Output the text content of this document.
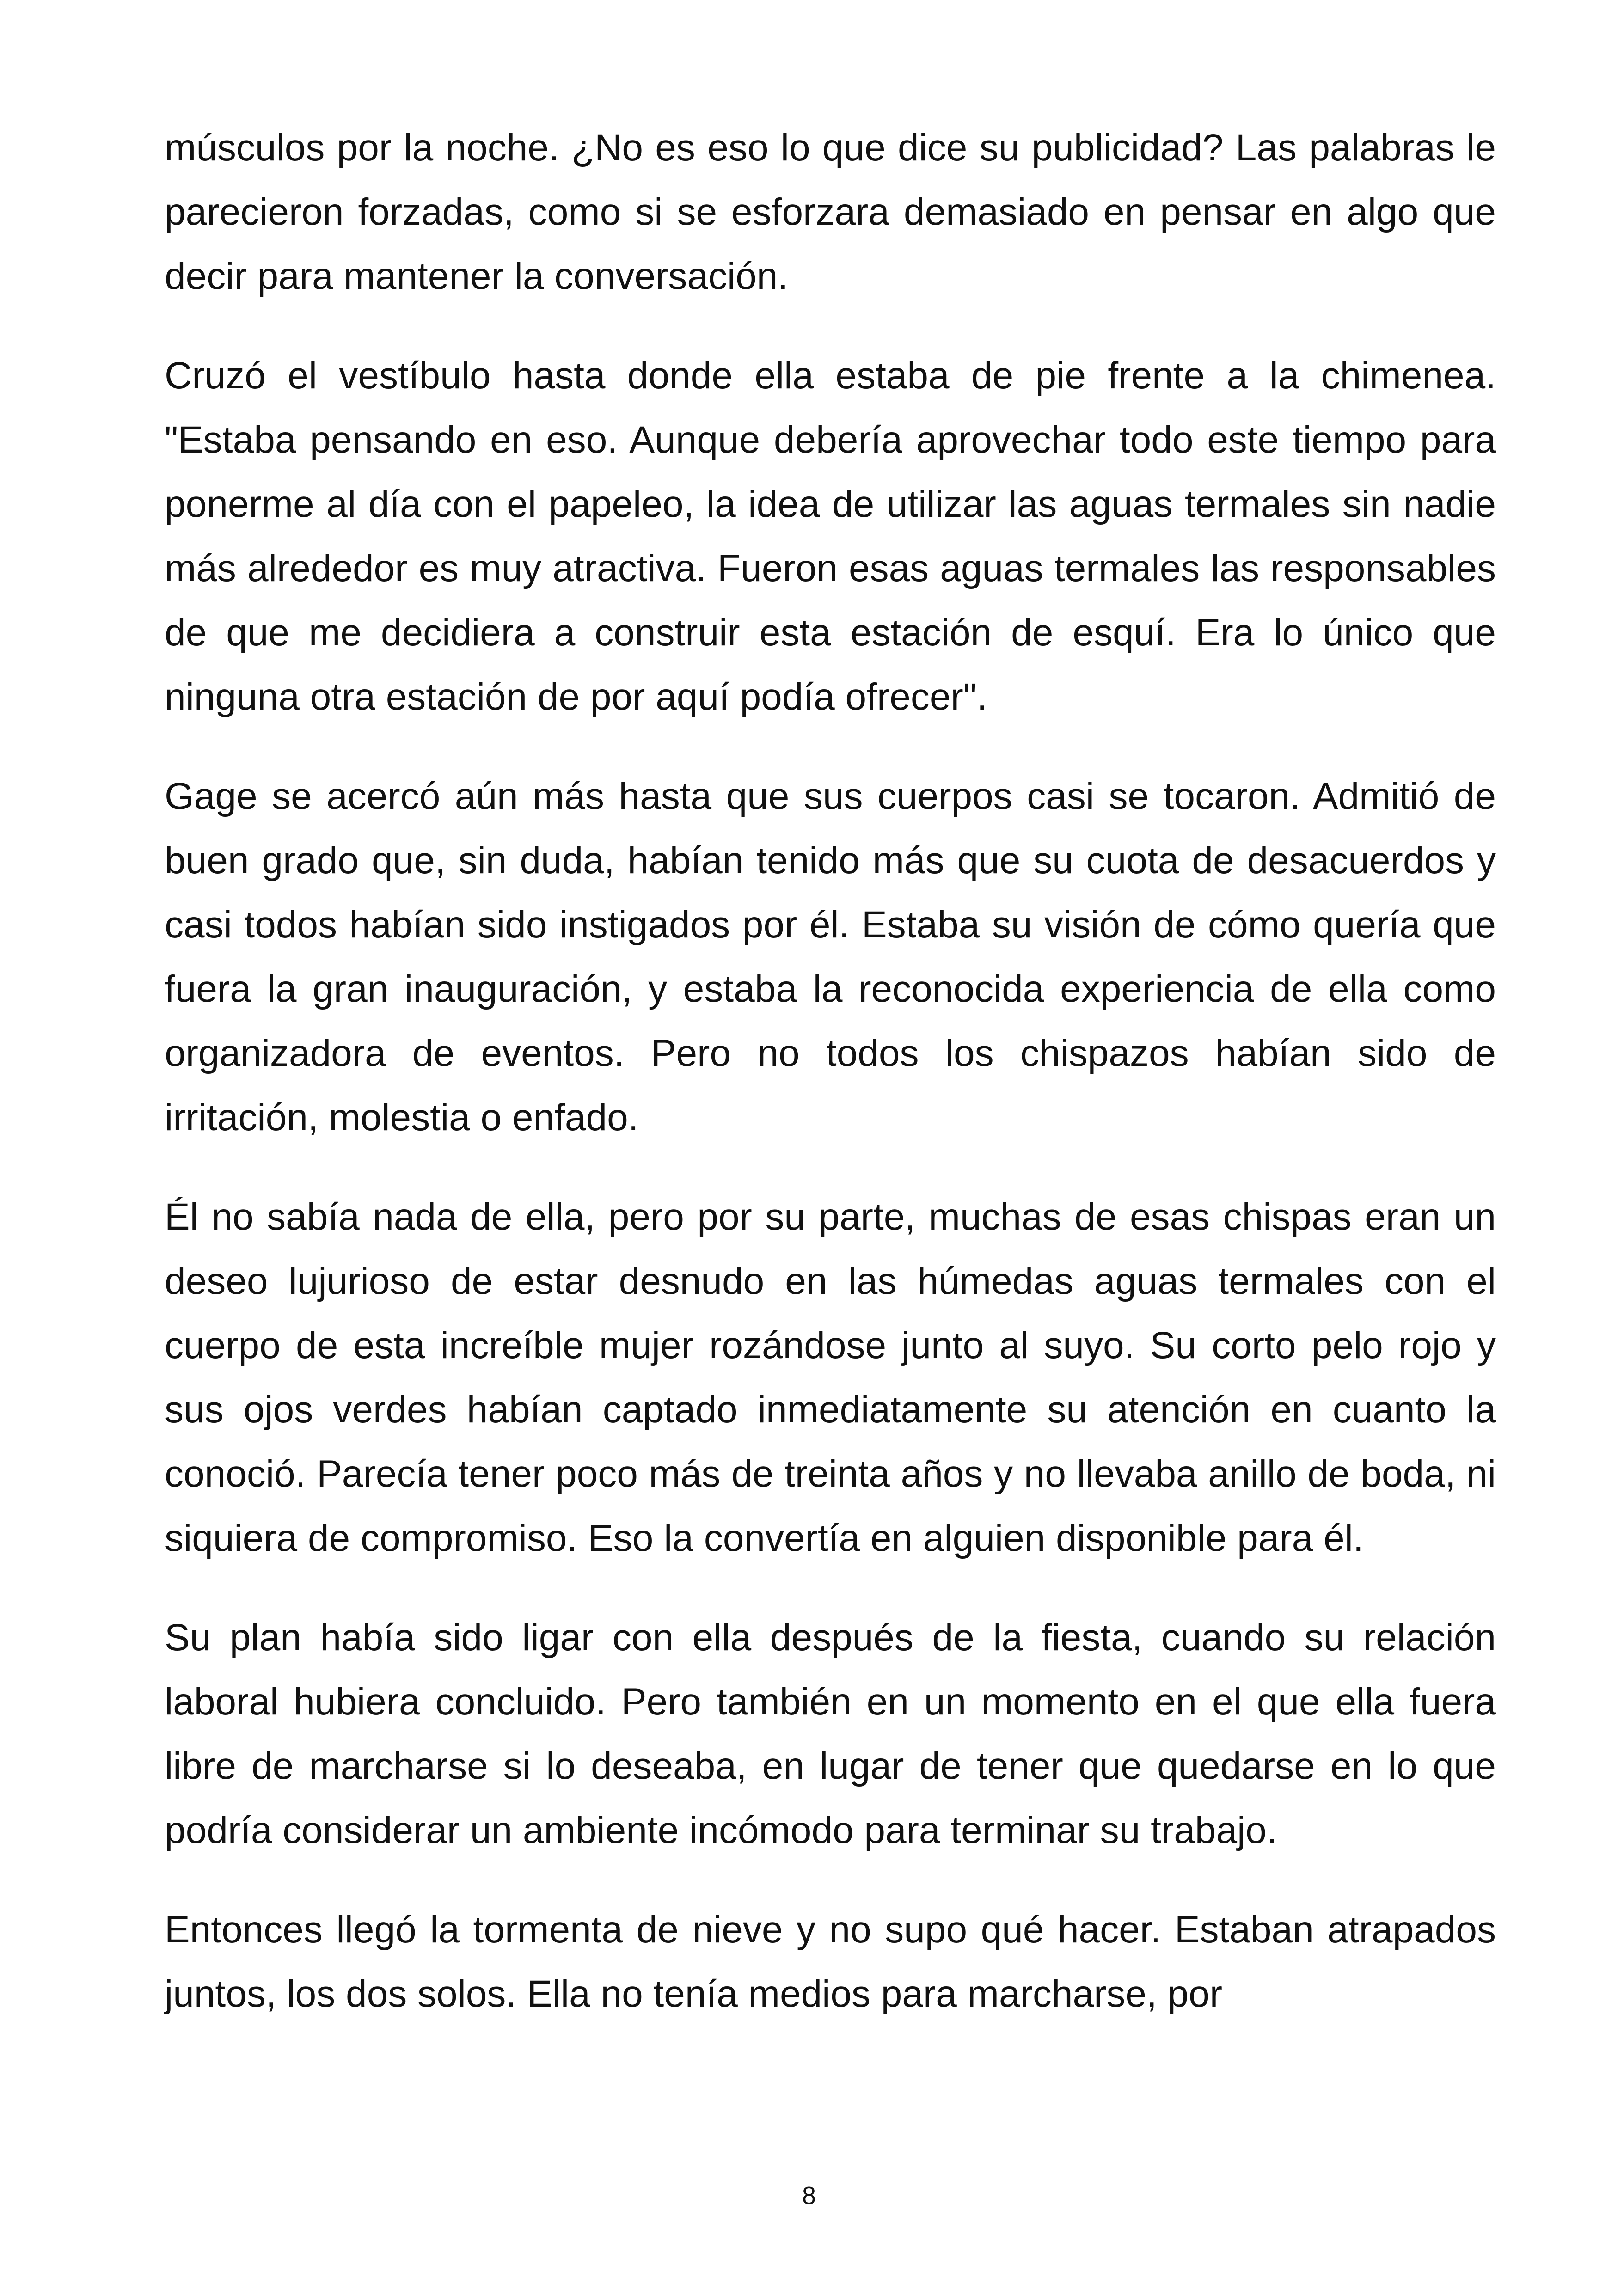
músculos por la noche. ¿No es eso lo que dice su publicidad? Las palabras le parecieron forzadas, como si se esforzara demasiado en pensar en algo que decir para mantener la conversación.

Cruzó el vestíbulo hasta donde ella estaba de pie frente a la chimenea. "Estaba pensando en eso. Aunque debería aprovechar todo este tiempo para ponerme al día con el papeleo, la idea de utilizar las aguas termales sin nadie más alrededor es muy atractiva. Fueron esas aguas termales las responsables de que me decidiera a construir esta estación de esquí. Era lo único que ninguna otra estación de por aquí podía ofrecer".

Gage se acercó aún más hasta que sus cuerpos casi se tocaron. Admitió de buen grado que, sin duda, habían tenido más que su cuota de desacuerdos y casi todos habían sido instigados por él. Estaba su visión de cómo quería que fuera la gran inauguración, y estaba la reconocida experiencia de ella como organizadora de eventos. Pero no todos los chispazos habían sido de irritación, molestia o enfado.

Él no sabía nada de ella, pero por su parte, muchas de esas chispas eran un deseo lujurioso de estar desnudo en las húmedas aguas termales con el cuerpo de esta increíble mujer rozándose junto al suyo. Su corto pelo rojo y sus ojos verdes habían captado inmediatamente su atención en cuanto la conoció. Parecía tener poco más de treinta años y no llevaba anillo de boda, ni siquiera de compromiso. Eso la convertía en alguien disponible para él.

Su plan había sido ligar con ella después de la fiesta, cuando su relación laboral hubiera concluido. Pero también en un momento en el que ella fuera libre de marcharse si lo deseaba, en lugar de tener que quedarse en lo que podría considerar un ambiente incómodo para terminar su trabajo.

Entonces llegó la tormenta de nieve y no supo qué hacer. Estaban atrapados juntos, los dos solos. Ella no tenía medios para marcharse, por

8
